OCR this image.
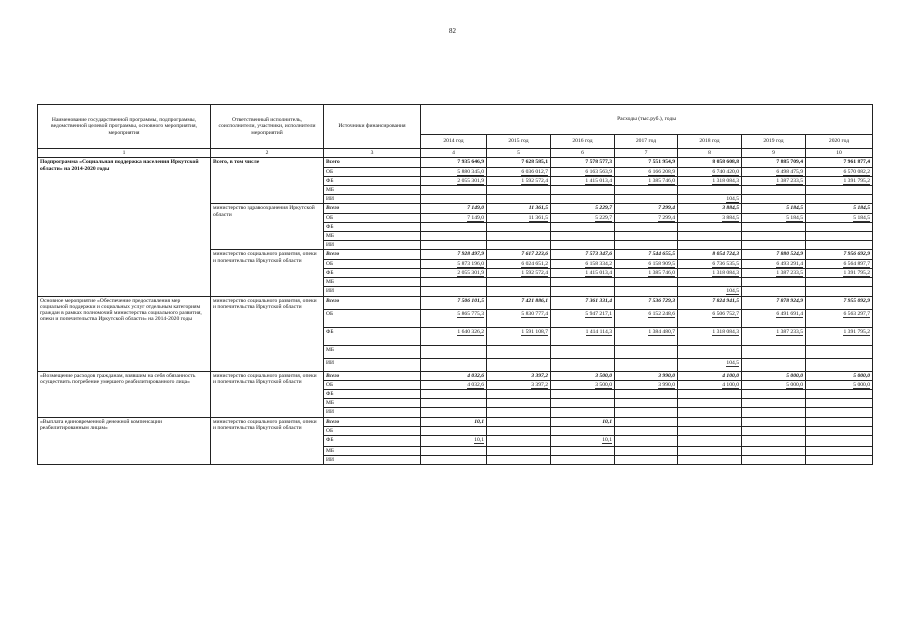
82
Наименование государственной программы, подпрограммы, ведомственной целевой программы, основного мероприятия, мероприятия	Ответственный исполнитель, соисполнители, участники, исполнители мероприятий	Источники финансирования	Расходы (тыс.руб.), годы						
			2014 год	2015 год	2016 год	2017 год	2018 год	2019 год	2020 год
1	2	3	4	5	6	7	8	9	10
Подпрограмма «Социальная поддержка населения Иркутской области» на 2014-2020 годы	Всего, в том числе	Всего	7 935 646,9	7 628 585,1	7 578 577,3	7 551 954,9	8 058 608,8	7 885 709,4	7 961 877,4
		ОБ	5 880 345,0	6 036 012,7	6 163 563,9	6 166 208,9	6 740 420,0	6 498 475,9	6 570 082,2
		ФБ	2 055 301,9	1 592 572,4	1 415 013,4	1 385 746,0	1 318 084,3	1 387 233,5	1 391 795,2
		МБ							
		ИИ					104,5		
	министерство здравоохранения Иркутской области	Всего	7 149,0	11 361,5	5 229,7	7 299,4	3 884,5	5 184,5	5 184,5
		ОБ	7 149,0	11 361,5	5 229,7	7 299,4	3 884,5	5 184,5	5 184,5
		ФБ							
		МБ							
		ИИ							
	министерство социального развития, опеки и попечительства Иркутской области	Всего	7 928 497,9	7 617 223,6	7 573 347,6	7 544 655,5	8 054 724,3	7 880 524,9	7 956 692,9
		ОБ	5 873 196,0	6 024 651,2	6 158 334,2	6 158 909,5	6 736 535,5	6 493 291,4	6 564 897,7
		ФБ	2 055 301,9	1 592 572,4	1 415 013,4	1 385 746,0	1 318 084,3	1 387 233,5	1 391 795,2
		МБ							
		ИИ					104,5		
Основное мероприятие «Обеспечение предоставления мер социальной поддержки и социальных услуг отдельным категориям граждан в рамках полномочий министерства социального развития, опеки и попечительства Иркутской области» на 2014-2020 годы	министерство социального развития, опеки и попечительства Иркутской области	Всего	7 506 101,5	7 421 886,1	7 361 331,4	7 536 729,3	7 824 941,5	7 878 924,9	7 955 092,9
		ОБ	5 865 775,3	5 830 777,4	5 947 217,1	6 152 248,6	6 506 752,7	6 491 691,4	6 563 297,7
		ФБ	1 640 326,2	1 591 108,7	1 414 114,3	1 384 480,7	1 318 084,3	1 387 233,5	1 391 795,2
		МБ							
		ИИ					104,5		
«Возмещение расходов гражданам, взявшим на себя обязанность осуществить погребение умершего реабилитированного лица»	министерство социального развития, опеки и попечительства Иркутской области	Всего	4 032,6	3 397,2	3 500,0	3 990,0	4 100,0	5 000,0	5 000,0
		ОБ	4 032,6	3 397,2	3 500,0	3 990,0	4 100,0	5 000,0	5 000,0
		ФБ							
		МБ							
		ИИ							
«Выплата единовременной денежной компенсации реабилитированным лицам»	министерство социального развития, опеки и попечительства Иркутской области	Всего	10,1		10,1				
		ОБ							
		ФБ	10,1		10,1				
		МБ							
		ИИ							
